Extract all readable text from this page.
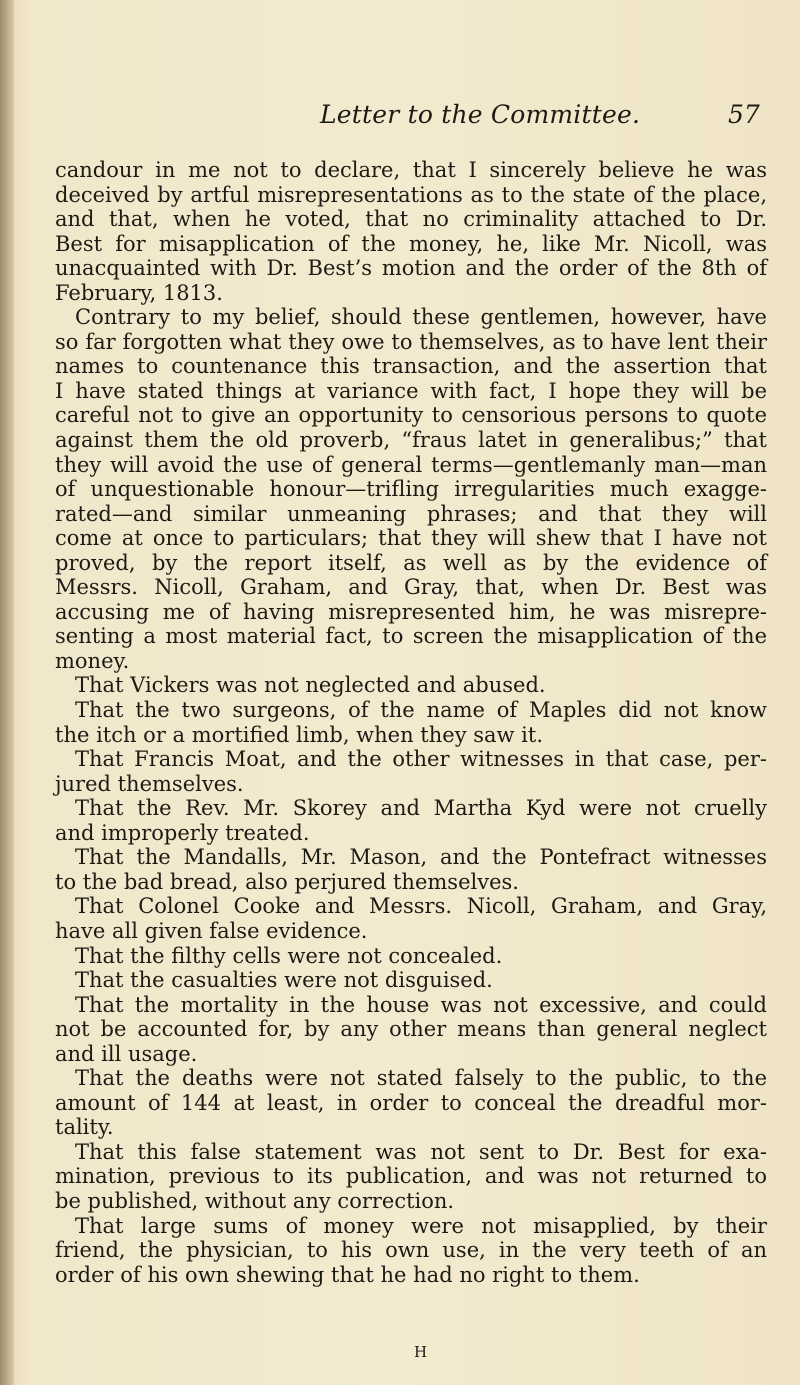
Letter to the Committee.	57
candour in me not to declare, that I sincerely believe he was
deceived by artful misrepresentations as to the state of the place,
and that, when he voted, that no criminality attached to Dr.
Best for misapplication of the money, he, like Mr. Nicoll, was
unacquainted with Dr. Best’s motion and the order of the 8th of
February, 1813.
Contrary to my belief, should these gentlemen, however, have
so far forgotten what they owe to themselves, as to have lent their
names to countenance this transaction, and the assertion that
I have stated things at variance with fact, I hope they will be
careful not to give an opportunity to censorious persons to quote
against them the old proverb, “fraus latet in generalibus;” that
they will avoid the use of general terms—gentlemanly man—man
of unquestionable honour—trifling irregularities much exagge-
rated—and similar unmeaning phrases; and that they will
come at once to particulars; that they will shew that I have not
proved, by the report itself, as well as by the evidence of
Messrs. Nicoll, Graham, and Gray, that, when Dr. Best was
accusing me of having misrepresented him, he was misrepre-
senting a most material fact, to screen the misapplication of the
money.
That Vickers was not neglected and abused.
That the two surgeons, of the name of Maples did not know
the itch or a mortified limb, when they saw it.
That Francis Moat, and the other witnesses in that case, per-
jured themselves.
That the Rev. Mr. Skorey and Martha Kyd were not cruelly
and improperly treated.
That the Mandalls, Mr. Mason, and the Pontefract witnesses
to the bad bread, also perjured themselves.
That Colonel Cooke and Messrs. Nicoll, Graham, and Gray,
have all given false evidence.
That the filthy cells were not concealed.
That the casualties were not disguised.
That the mortality in the house was not excessive, and could
not be accounted for, by any other means than general neglect
and ill usage.
That the deaths were not stated falsely to the public, to the
amount of 144 at least, in order to conceal the dreadful mor-
tality.
That this false statement was not sent to Dr. Best for exa-
mination, previous to its publication, and was not returned to
be published, without any correction.
That large sums of money were not misapplied, by their
friend, the physician, to his own use, in the very teeth of an
order of his own shewing that he had no right to them.
H
